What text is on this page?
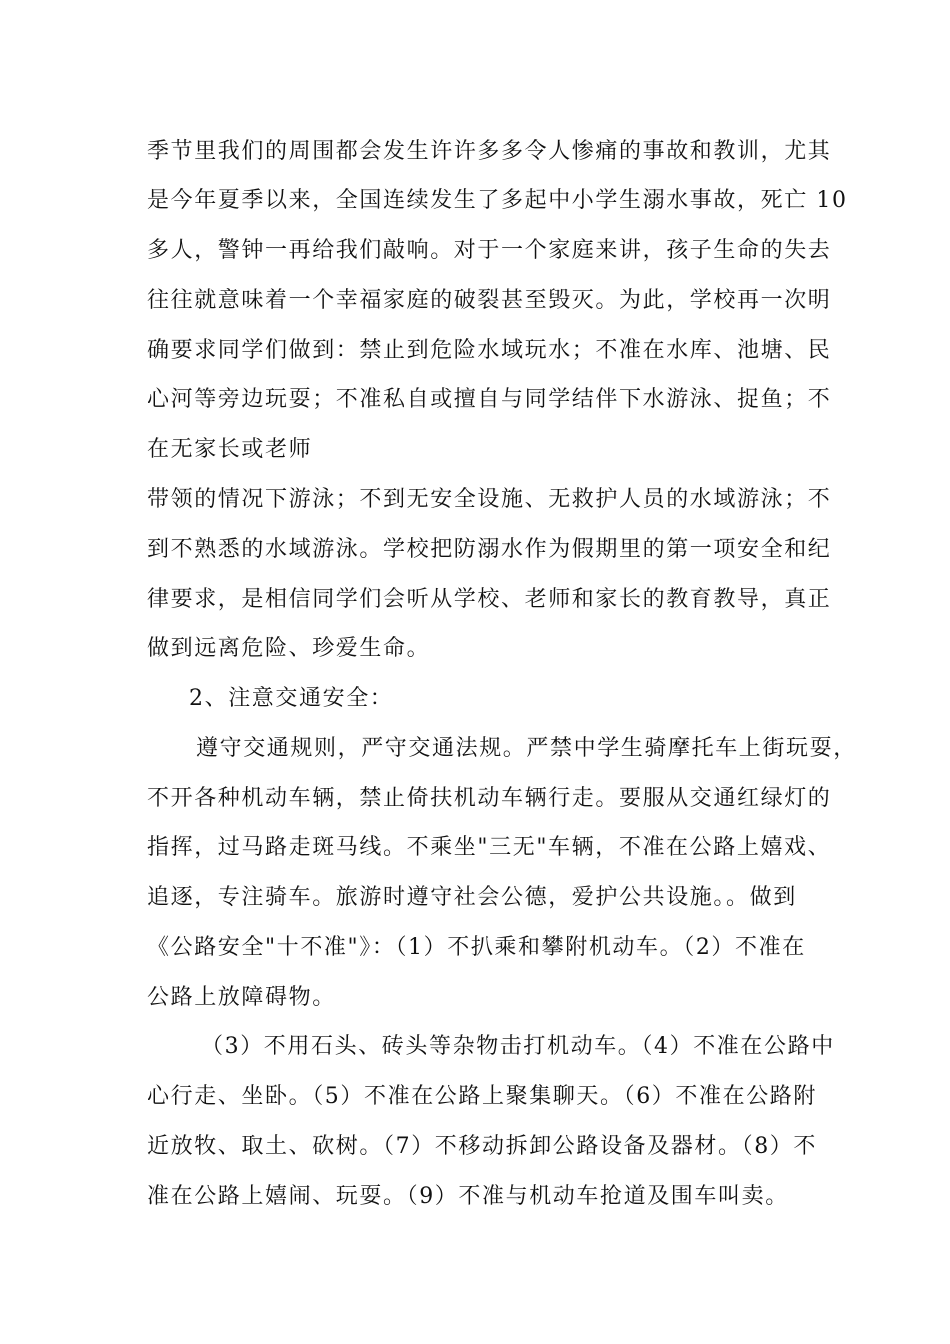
季节里我们的周围都会发生许许多多令人惨痛的事故和教训，尤其
是今年夏季以来，全国连续发生了多起中小学生溺水事故，死亡 10
多人，警钟一再给我们敲响。对于一个家庭来讲，孩子生命的失去
往往就意味着一个幸福家庭的破裂甚至毁灭。为此，学校再一次明
确要求同学们做到：禁止到危险水域玩水；不准在水库、池塘、民
心河等旁边玩耍；不准私自或擅自与同学结伴下水游泳、捉鱼；不
在无家长或老师
带领的情况下游泳；不到无安全设施、无救护人员的水域游泳；不
到不熟悉的水域游泳。学校把防溺水作为假期里的第一项安全和纪
律要求，是相信同学们会听从学校、老师和家长的教育教导，真正
做到远离危险、珍爱生命。
2、注意交通安全：
遵守交通规则，严守交通法规。严禁中学生骑摩托车上街玩耍，
不开各种机动车辆，禁止倚扶机动车辆行走。要服从交通红绿灯的
指挥，过马路走斑马线。不乘坐"三无"车辆，不准在公路上嬉戏、
追逐，专注骑车。旅游时遵守社会公德，爱护公共设施。。做到
《公路安全"十不准"》：（1）不扒乘和攀附机动车。（2）不准在
公路上放障碍物。
（3）不用石头、砖头等杂物击打机动车。（4）不准在公路中
心行走、坐卧。（5）不准在公路上聚集聊天。（6）不准在公路附
近放牧、取土、砍树。（7）不移动拆卸公路设备及器材。（8）不
准在公路上嬉闹、玩耍。（9）不准与机动车抢道及围车叫卖。
